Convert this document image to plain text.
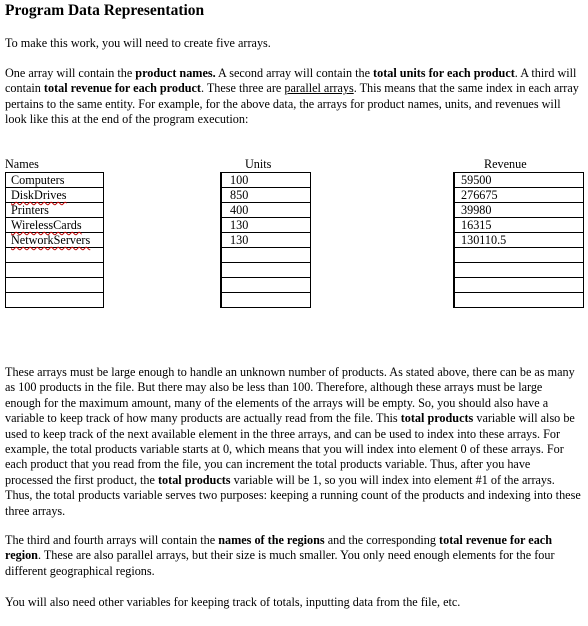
Program Data Representation

To make this work, you will need to create five arrays.

One array will contain the product names. A second array will contain the total units for each product. A third will contain total revenue for each product. These three are parallel arrays. This means that the same index in each array pertains to the same entity. For example, for the above data, the arrays for product names, units, and revenues will look like this at the end of the program execution:

Names	Units	Revenue
Computers
DiskDrives
Printers
WirelessCards
NetworkServers
100
850
400
130
130
59500
276675
39980
16315
130110.5

These arrays must be large enough to handle an unknown number of products. As stated above, there can be as many as 100 products in the file. But there may also be less than 100. Therefore, although these arrays must be large enough for the maximum amount, many of the elements of the arrays will be empty. So, you should also have a variable to keep track of how many products are actually read from the file. This total products variable will also be used to keep track of the next available element in the three arrays, and can be used to index into these arrays. For example, the total products variable starts at 0, which means that you will index into element 0 of these arrays. For each product that you read from the file, you can increment the total products variable. Thus, after you have processed the first product, the total products variable will be 1, so you will index into element #1 of the arrays. Thus, the total products variable serves two purposes: keeping a running count of the products and indexing into these three arrays.

The third and fourth arrays will contain the names of the regions and the corresponding total revenue for each region. These are also parallel arrays, but their size is much smaller. You only need enough elements for the four different geographical regions.

You will also need other variables for keeping track of totals, inputting data from the file, etc.
